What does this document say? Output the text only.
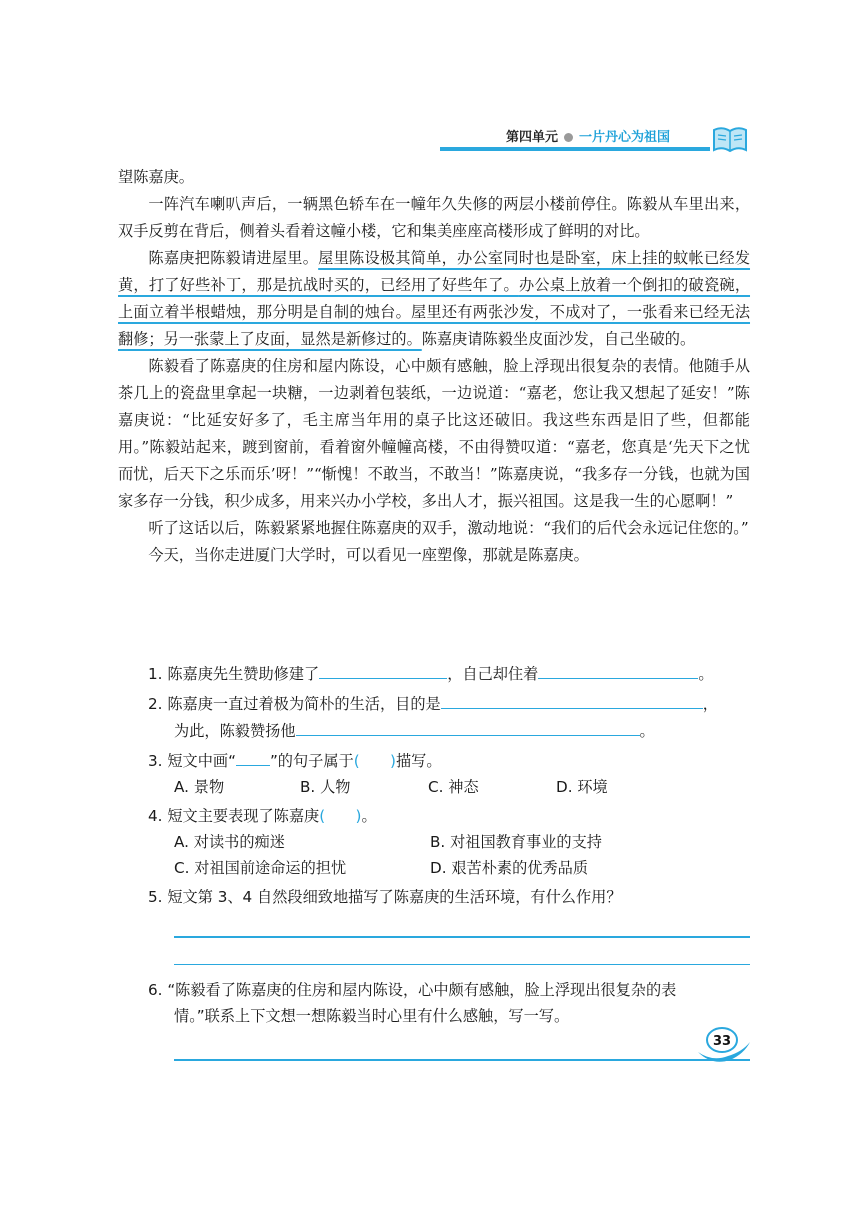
第四单元 一片丹心为祖国

望陈嘉庚。

一阵汽车喇叭声后，一辆黑色轿车在一幢年久失修的两层小楼前停住。陈毅从车里出来，双手反剪在背后，侧着头看着这幢小楼，它和集美座座高楼形成了鲜明的对比。

陈嘉庚把陈毅请进屋里。屋里陈设极其简单，办公室同时也是卧室，床上挂的蚊帐已经发黄，打了好些补丁，那是抗战时买的，已经用了好些年了。办公桌上放着一个倒扣的破瓷碗，上面立着半根蜡烛，那分明是自制的烛台。屋里还有两张沙发，不成对了，一张看来已经无法翻修；另一张蒙上了皮面，显然是新修过的。陈嘉庚请陈毅坐皮面沙发，自己坐破的。

陈毅看了陈嘉庚的住房和屋内陈设，心中颇有感触，脸上浮现出很复杂的表情。他随手从茶几上的瓷盘里拿起一块糖，一边剥着包装纸，一边说道：“嘉老，您让我又想起了延安！”陈嘉庚说：“比延安好多了，毛主席当年用的桌子比这还破旧。我这些东西是旧了些，但都能用。”陈毅站起来，踱到窗前，看着窗外幢幢高楼，不由得赞叹道：“嘉老，您真是‘先天下之忧而忧，后天下之乐而乐’呀！”“惭愧！不敢当，不敢当！”陈嘉庚说，“我多存一分钱，也就为国家多存一分钱，积少成多，用来兴办小学校，多出人才，振兴祖国。这是我一生的心愿啊！”

听了这话以后，陈毅紧紧地握住陈嘉庚的双手，激动地说：“我们的后代会永远记住您的。”

今天，当你走进厦门大学时，可以看见一座塑像，那就是陈嘉庚。

1. 陈嘉庚先生赞助修建了	，自己却住着	。

2. 陈嘉庚一直过着极为简朴的生活，目的是	，

为此，陈毅赞扬他	。

3. 短文中画“ ”的句子属于(　　)描写。

A. 景物	B. 人物	C. 神态	D. 环境

4. 短文主要表现了陈嘉庚(　　)。

A. 对读书的痴迷	B. 对祖国教育事业的支持
C. 对祖国前途命运的担忧	D. 艰苦朴素的优秀品质

5. 短文第 3、4 自然段细致地描写了陈嘉庚的生活环境，有什么作用？

6. “陈毅看了陈嘉庚的住房和屋内陈设，心中颇有感触，脸上浮现出很复杂的表

情。”联系上下文想一想陈毅当时心里有什么感触，写一写。

33
